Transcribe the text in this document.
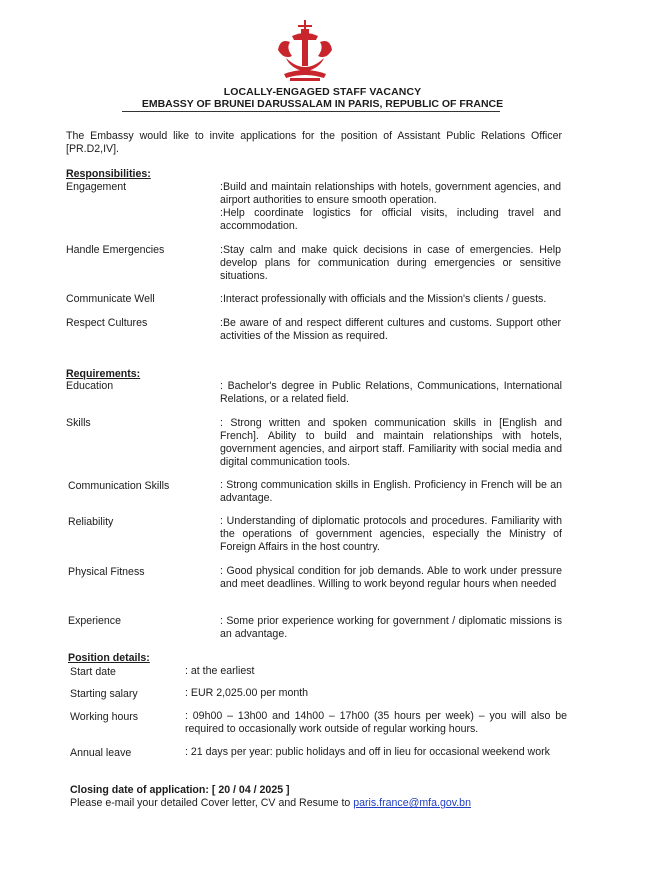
LOCALLY-ENGAGED STAFF VACANCY
EMBASSY OF BRUNEI DARUSSALAM IN PARIS, REPUBLIC OF FRANCE
The Embassy would like to invite applications for the position of Assistant Public Relations Officer [PR.D2,IV].
Responsibilities:
Engagement	:Build and maintain relationships with hotels, government agencies, and airport authorities to ensure smooth operation.
:Help coordinate logistics for official visits, including travel and accommodation.
Handle Emergencies	:Stay calm and make quick decisions in case of emergencies. Help develop plans for communication during emergencies or sensitive situations.
Communicate Well	:Interact professionally with officials and the Mission's clients / guests.
Respect Cultures	:Be aware of and respect different cultures and customs. Support other activities of the Mission as required.
Requirements:
Education	: Bachelor's degree in Public Relations, Communications, International Relations, or a related field.
Skills	: Strong written and spoken communication skills in [English and French]. Ability to build and maintain relationships with hotels, government agencies, and airport staff. Familiarity with social media and digital communication tools.
Communication Skills	: Strong communication skills in English. Proficiency in French will be an advantage.
Reliability	: Understanding of diplomatic protocols and procedures. Familiarity with the operations of government agencies, especially the Ministry of Foreign Affairs in the host country.
Physical Fitness	: Good physical condition for job demands. Able to work under pressure and meet deadlines. Willing to work beyond regular hours when needed
Experience	: Some prior experience working for government / diplomatic missions is an advantage.
Position details:
Start date	: at the earliest
Starting salary	: EUR 2,025.00 per month
Working hours	: 09h00 – 13h00 and 14h00 – 17h00 (35 hours per week) – you will also be required to occasionally work outside of regular working hours.
Annual leave	: 21 days per year: public holidays and off in lieu for occasional weekend work
Closing date of application: [ 20 / 04 / 2025 ]
Please e-mail your detailed Cover letter, CV and Resume to paris.france@mfa.gov.bn
